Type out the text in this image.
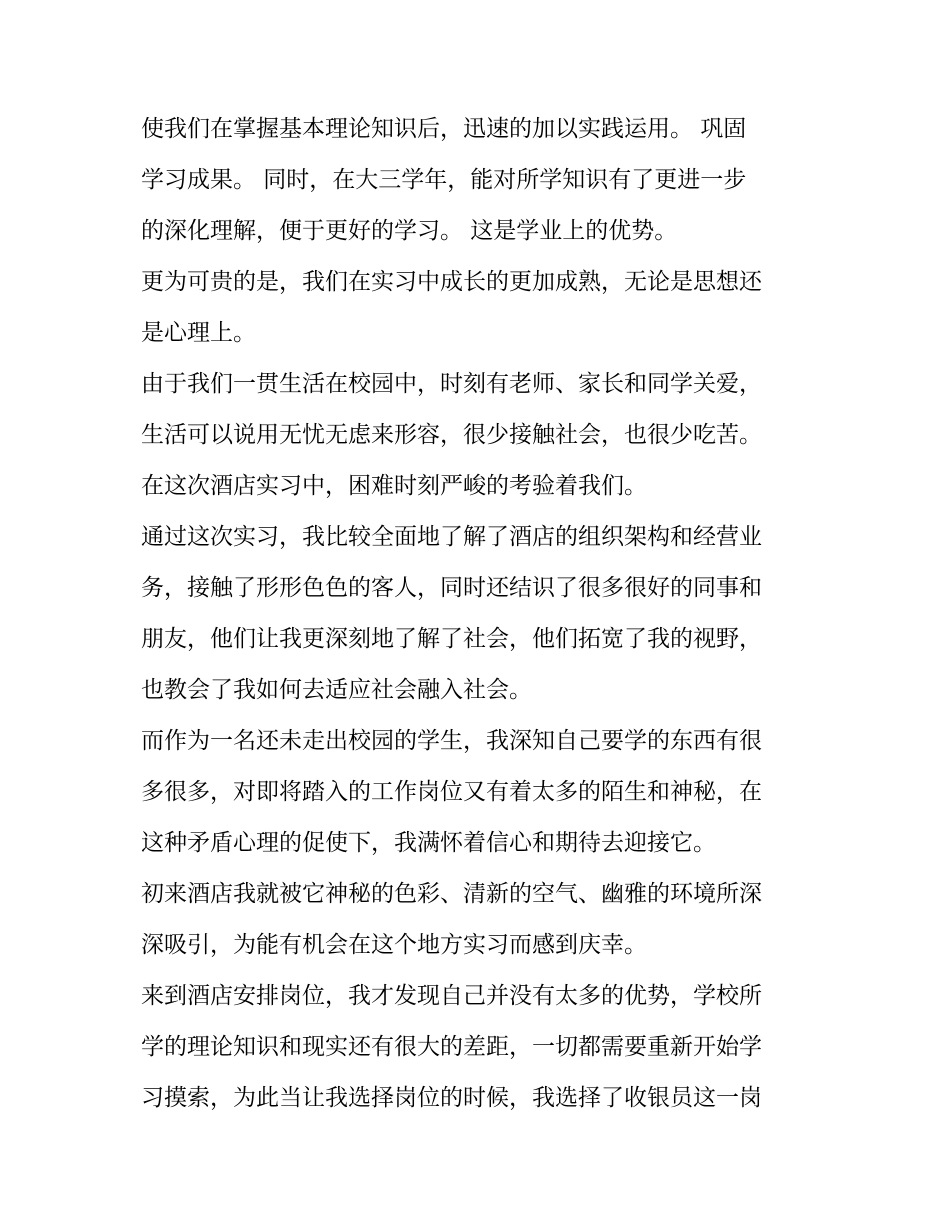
使我们在掌握基本理论知识后，迅速的加以实践运用。 巩固
学习成果。 同时，在大三学年，能对所学知识有了更进一步
的深化理解，便于更好的学习。 这是学业上的优势。
更为可贵的是，我们在实习中成长的更加成熟，无论是思想还
是心理上。
由于我们一贯生活在校园中，时刻有老师、家长和同学关爱，
生活可以说用无忧无虑来形容，很少接触社会，也很少吃苦。
在这次酒店实习中，困难时刻严峻的考验着我们。
通过这次实习，我比较全面地了解了酒店的组织架构和经营业
务，接触了形形色色的客人，同时还结识了很多很好的同事和
朋友，他们让我更深刻地了解了社会，他们拓宽了我的视野，
也教会了我如何去适应社会融入社会。
而作为一名还未走出校园的学生，我深知自己要学的东西有很
多很多，对即将踏入的工作岗位又有着太多的陌生和神秘，在
这种矛盾心理的促使下，我满怀着信心和期待去迎接它。
初来酒店我就被它神秘的色彩、清新的空气、幽雅的环境所深
深吸引，为能有机会在这个地方实习而感到庆幸。
来到酒店安排岗位，我才发现自己并没有太多的优势，学校所
学的理论知识和现实还有很大的差距，一切都需要重新开始学
习摸索，为此当让我选择岗位的时候，我选择了收银员这一岗
